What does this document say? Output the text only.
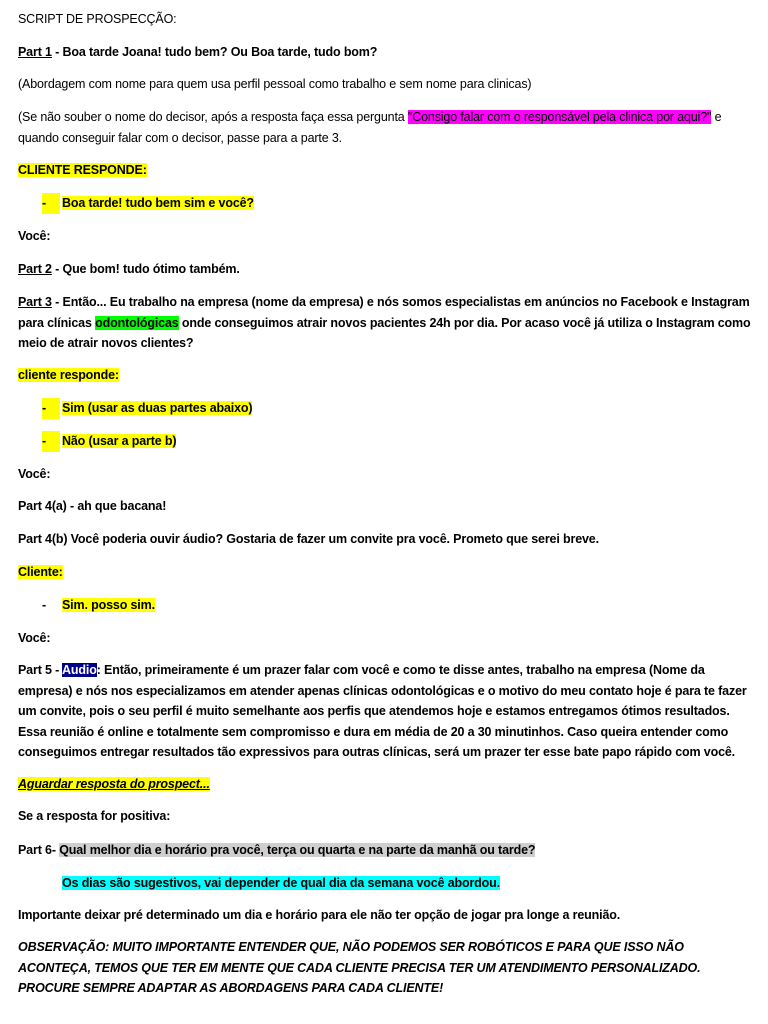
SCRIPT DE PROSPECÇÃO:
Part 1 - Boa tarde Joana! tudo bem? Ou Boa tarde, tudo bom?
(Abordagem com nome para quem usa perfil pessoal como trabalho e sem nome para clinicas)
(Se não souber o nome do decisor, após a resposta faça essa pergunta "Consigo falar com o responsável pela clinica por aqui?" e quando conseguir falar com o decisor, passe para a parte 3.
CLIENTE RESPONDE:
-	Boa tarde! tudo bem sim e você?
Você:
Part 2 - Que bom! tudo ótimo também.
Part 3 - Então... Eu trabalho na empresa (nome da empresa) e nós somos especialistas em anúncios no Facebook e Instagram para clínicas odontológicas onde conseguimos atrair novos pacientes 24h por dia. Por acaso você já utiliza o Instagram como meio de atrair novos clientes?
cliente responde:
-	Sim (usar as duas partes abaixo)
-	Não (usar a parte b)
Você:
Part 4(a) - ah que bacana!
Part 4(b) Você poderia ouvir áudio? Gostaria de fazer um convite pra você. Prometo que serei breve.
Cliente:
-	Sim. posso sim.
Você:
Part 5 - Audio: Então, primeiramente é um prazer falar com você e como te disse antes, trabalho na empresa (Nome da empresa) e nós nos especializamos em atender apenas clínicas odontológicas e o motivo do meu contato hoje é para te fazer um convite, pois o seu perfil é muito semelhante aos perfis que atendemos hoje e estamos entregamos ótimos resultados. Essa reunião é online e totalmente sem compromisso e dura em média de 20 a 30 minutinhos. Caso queira entender como conseguimos entregar resultados tão expressivos para outras clínicas, será um prazer ter esse bate papo rápido com você.
Aguardar resposta do prospect...
Se a resposta for positiva:
Part 6- Qual melhor dia e horário pra você, terça ou quarta e na parte da manhã ou tarde?
Os dias são sugestivos, vai depender de qual dia da semana você abordou.
Importante deixar pré determinado um dia e horário para ele não ter opção de jogar pra longe a reunião.
OBSERVAÇÃO: MUITO IMPORTANTE ENTENDER QUE, NÃO PODEMOS SER ROBÓTICOS E PARA QUE ISSO NÃO ACONTEÇA, TEMOS QUE TER EM MENTE QUE CADA CLIENTE PRECISA TER UM ATENDIMENTO PERSONALIZADO. PROCURE SEMPRE ADAPTAR AS ABORDAGENS PARA CADA CLIENTE!
